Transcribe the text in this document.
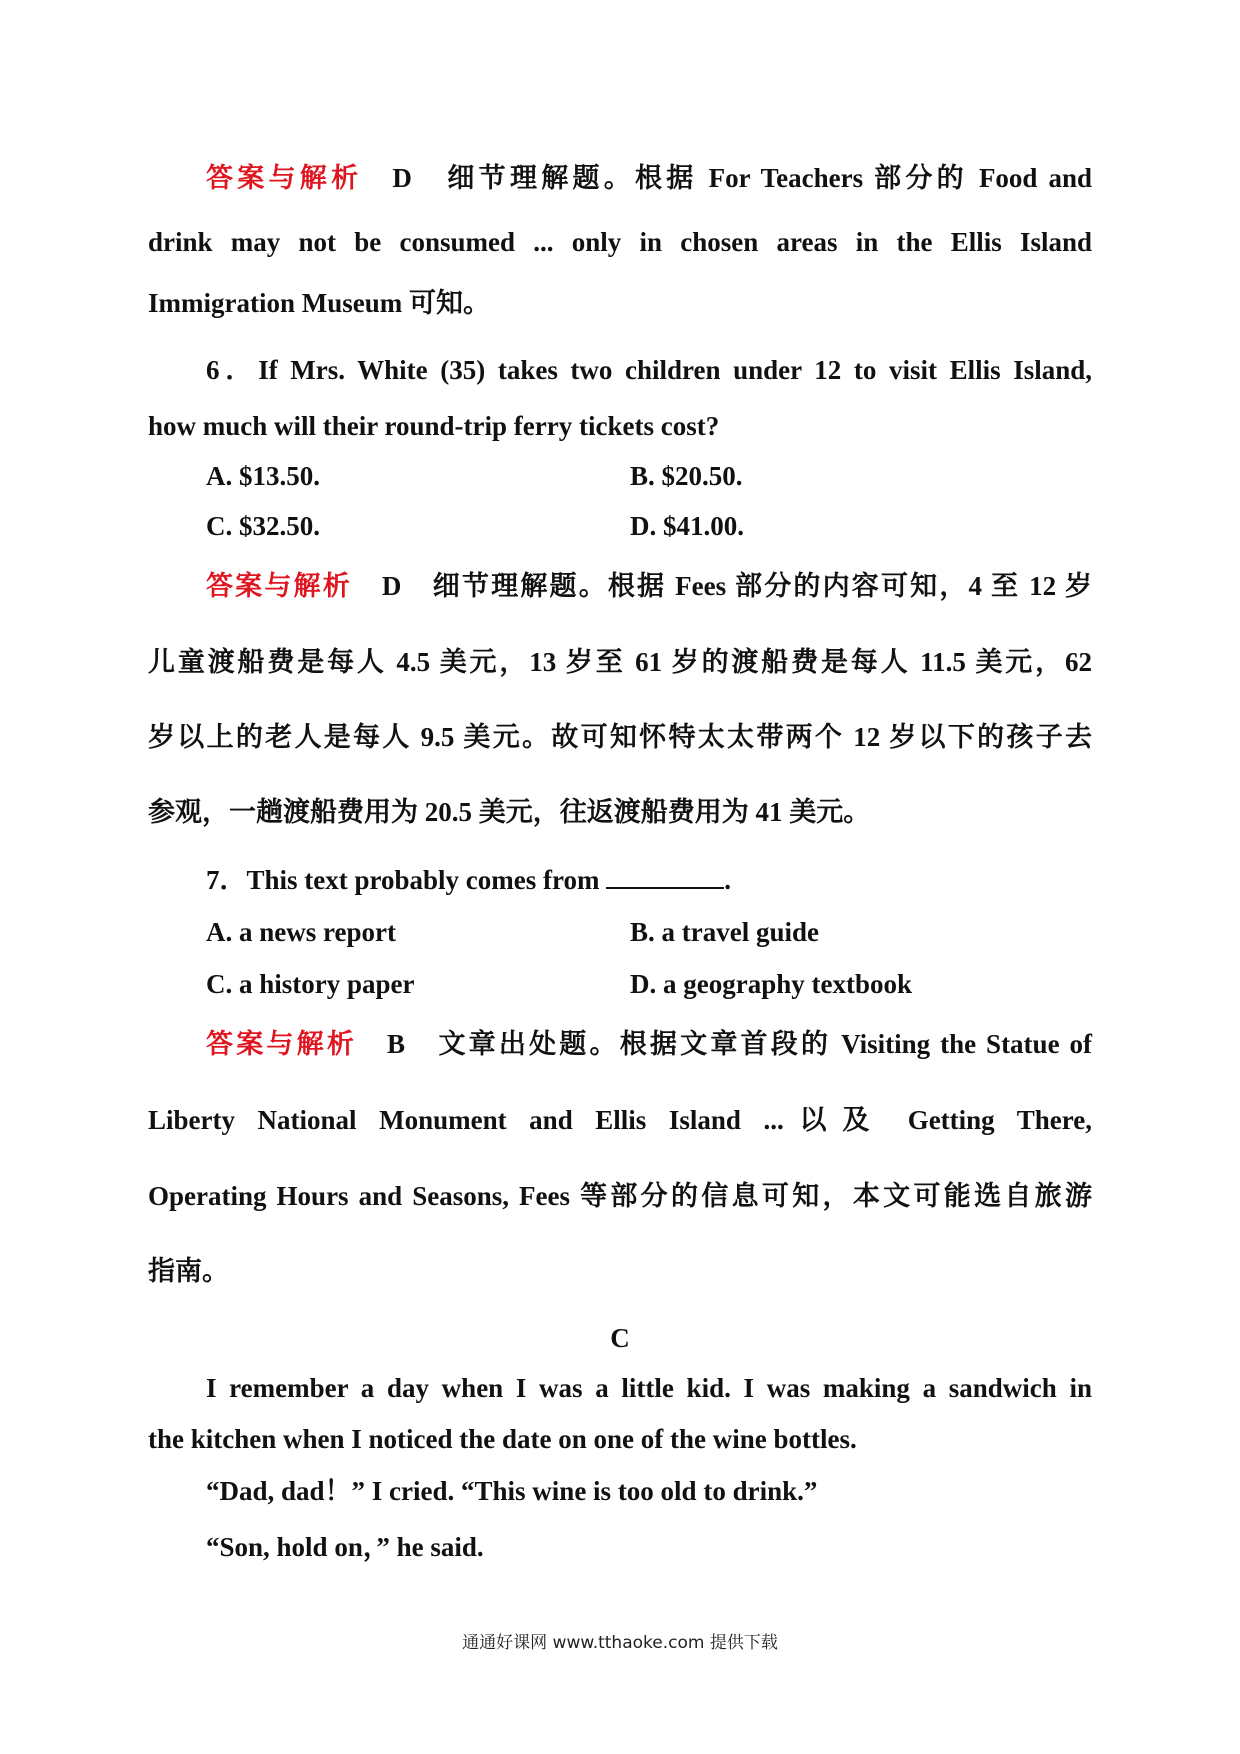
答案与解析 D　细节理解题。根据 For Teachers 部分的 Food and
drink may not be consumed ... only in chosen areas in the Ellis Island
Immigration Museum 可知。
6．If Mrs. White (35) takes two children under 12 to visit Ellis Island,
how much will their round-trip ferry tickets cost?
A. $13.50.	B. $20.50.
C. $32.50.	D. $41.00.
答案与解析 D　细节理解题。根据 Fees 部分的内容可知，4 至 12 岁
儿童渡船费是每人 4.5 美元，13 岁至 61 岁的渡船费是每人 11.5 美元，62
岁以上的老人是每人 9.5 美元。故可知怀特太太带两个 12 岁以下的孩子去
参观，一趟渡船费用为 20.5 美元，往返渡船费用为 41 美元。
7．This text probably comes from	.
A. a news report	B. a travel guide
C. a history paper	D. a geography textbook
答案与解析 B　文章出处题。根据文章首段的 Visiting the Statue of
Liberty National Monument and Ellis Island ...以及 Getting There,
Operating Hours and Seasons, Fees 等部分的信息可知，本文可能选自旅游
指南。
C
I remember a day when I was a little kid. I was making a sandwich in
the kitchen when I noticed the date on one of the wine bottles.
“Dad, dad！” I cried. “This wine is too old to drink.”
“Son, hold on，” he said.
通通好课网 www.tthaoke.com 提供下载
